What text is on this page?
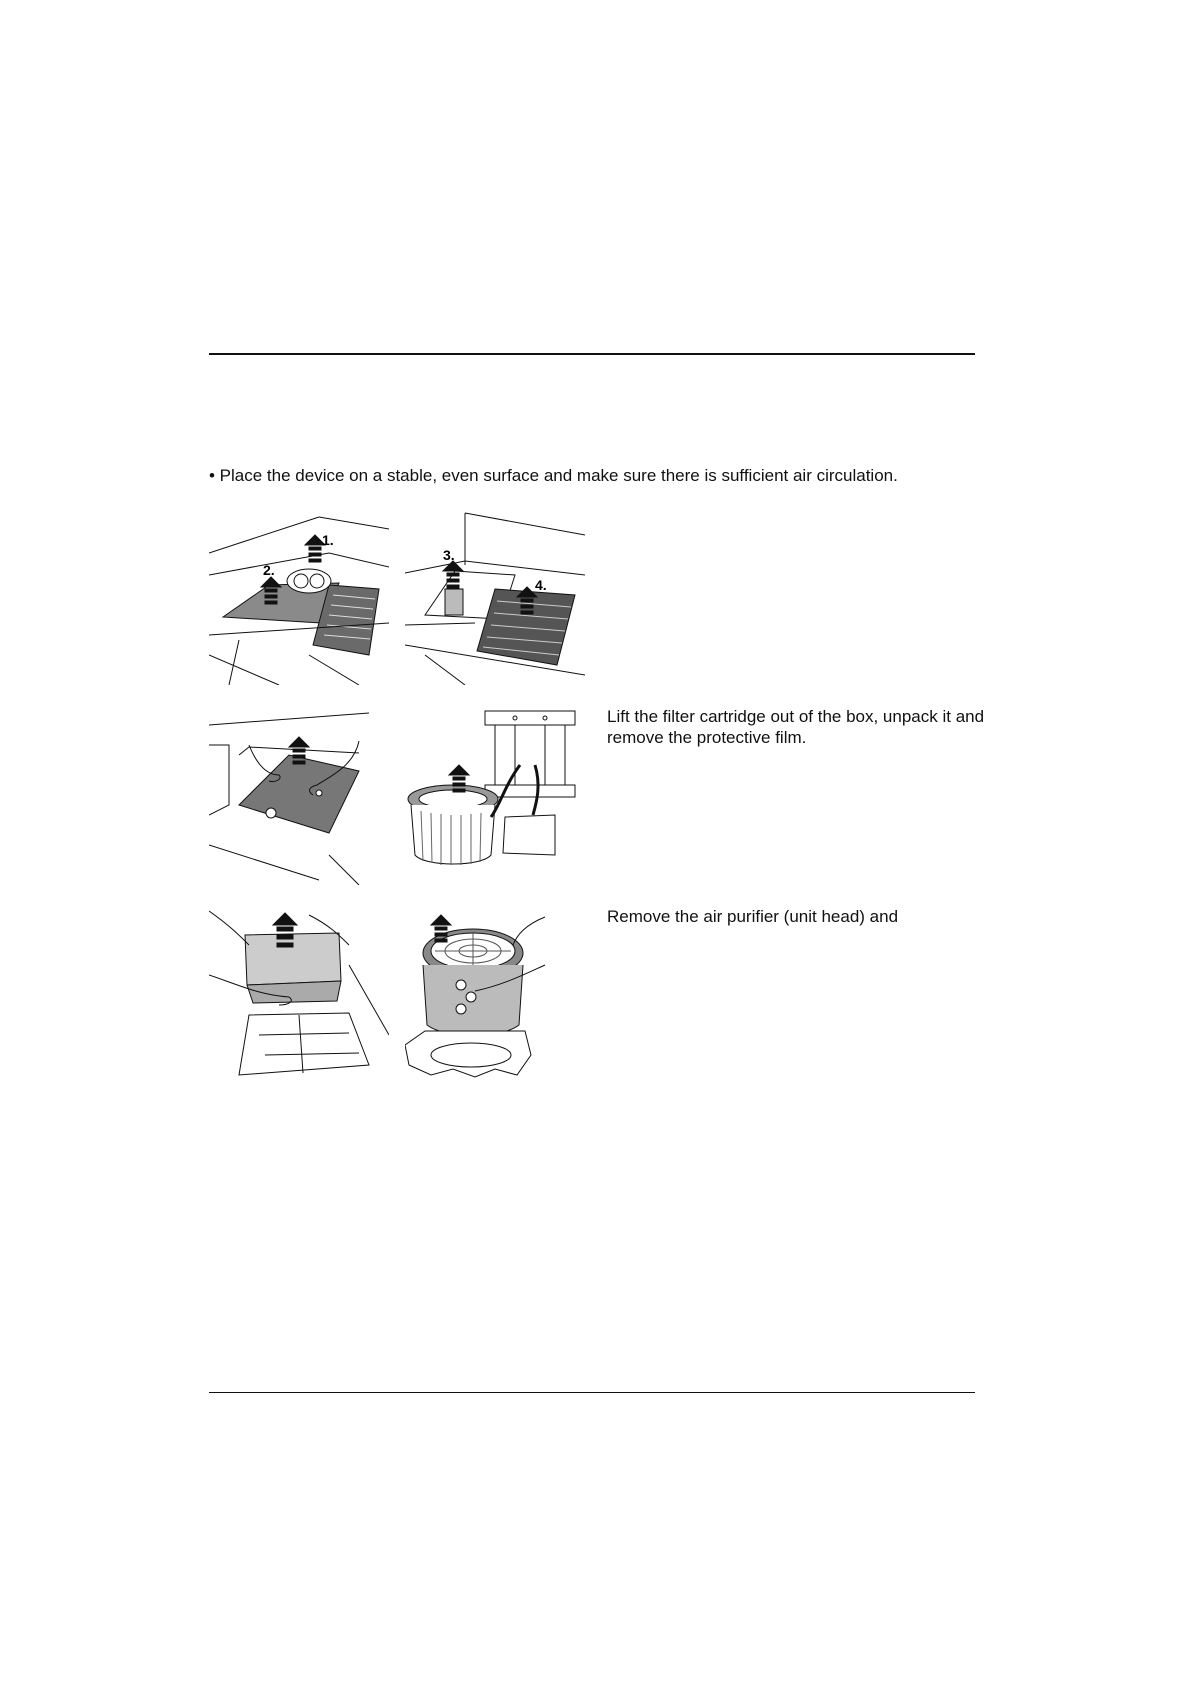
• Place the device on a stable, even surface and make sure there is sufficient air circulation.
1.
2.
3.
4.
Lift the filter cartridge out of the box, unpack it and remove the protective film.
Remove the air purifier (unit head) and
